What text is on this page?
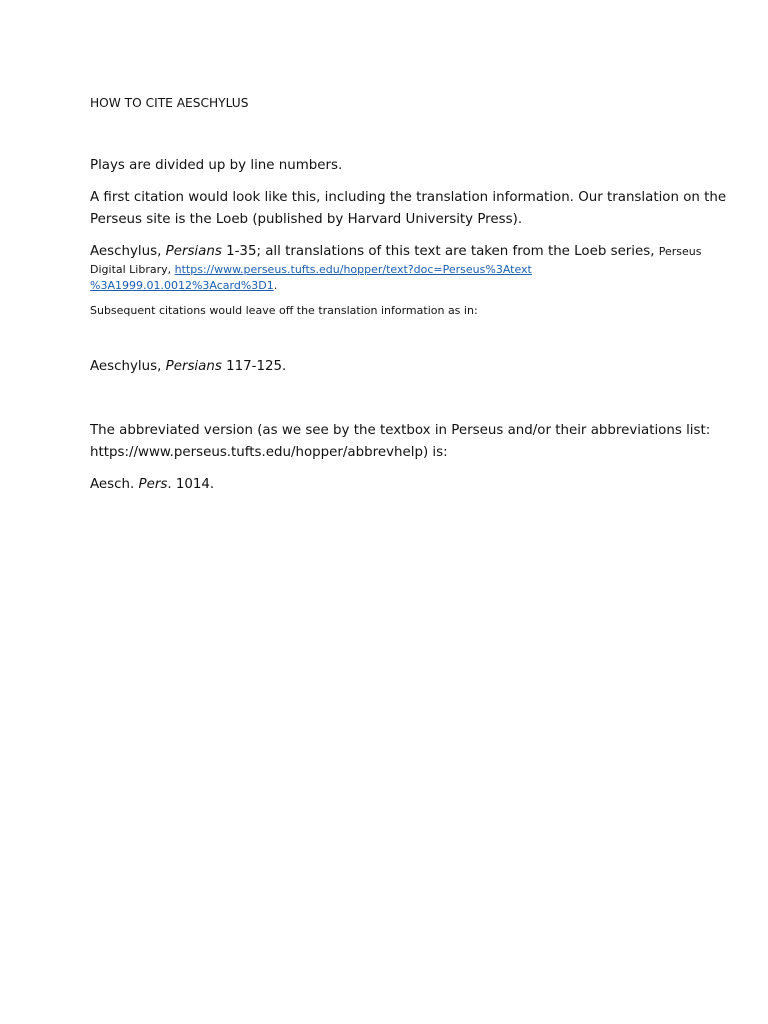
HOW TO CITE AESCHYLUS
Plays are divided up by line numbers.
A first citation would look like this, including the translation information. Our translation on the
Perseus site is the Loeb (published by Harvard University Press).
Aeschylus, Persians 1-35; all translations of this text are taken from the Loeb series, Perseus
Digital Library, https://www.perseus.tufts.edu/hopper/text?doc=Perseus%3Atext
%3A1999.01.0012%3Acard%3D1.
Subsequent citations would leave off the translation information as in:
Aeschylus, Persians 117-125.
The abbreviated version (as we see by the textbox in Perseus and/or their abbreviations list:
https://www.perseus.tufts.edu/hopper/abbrevhelp) is:
Aesch. Pers. 1014.
